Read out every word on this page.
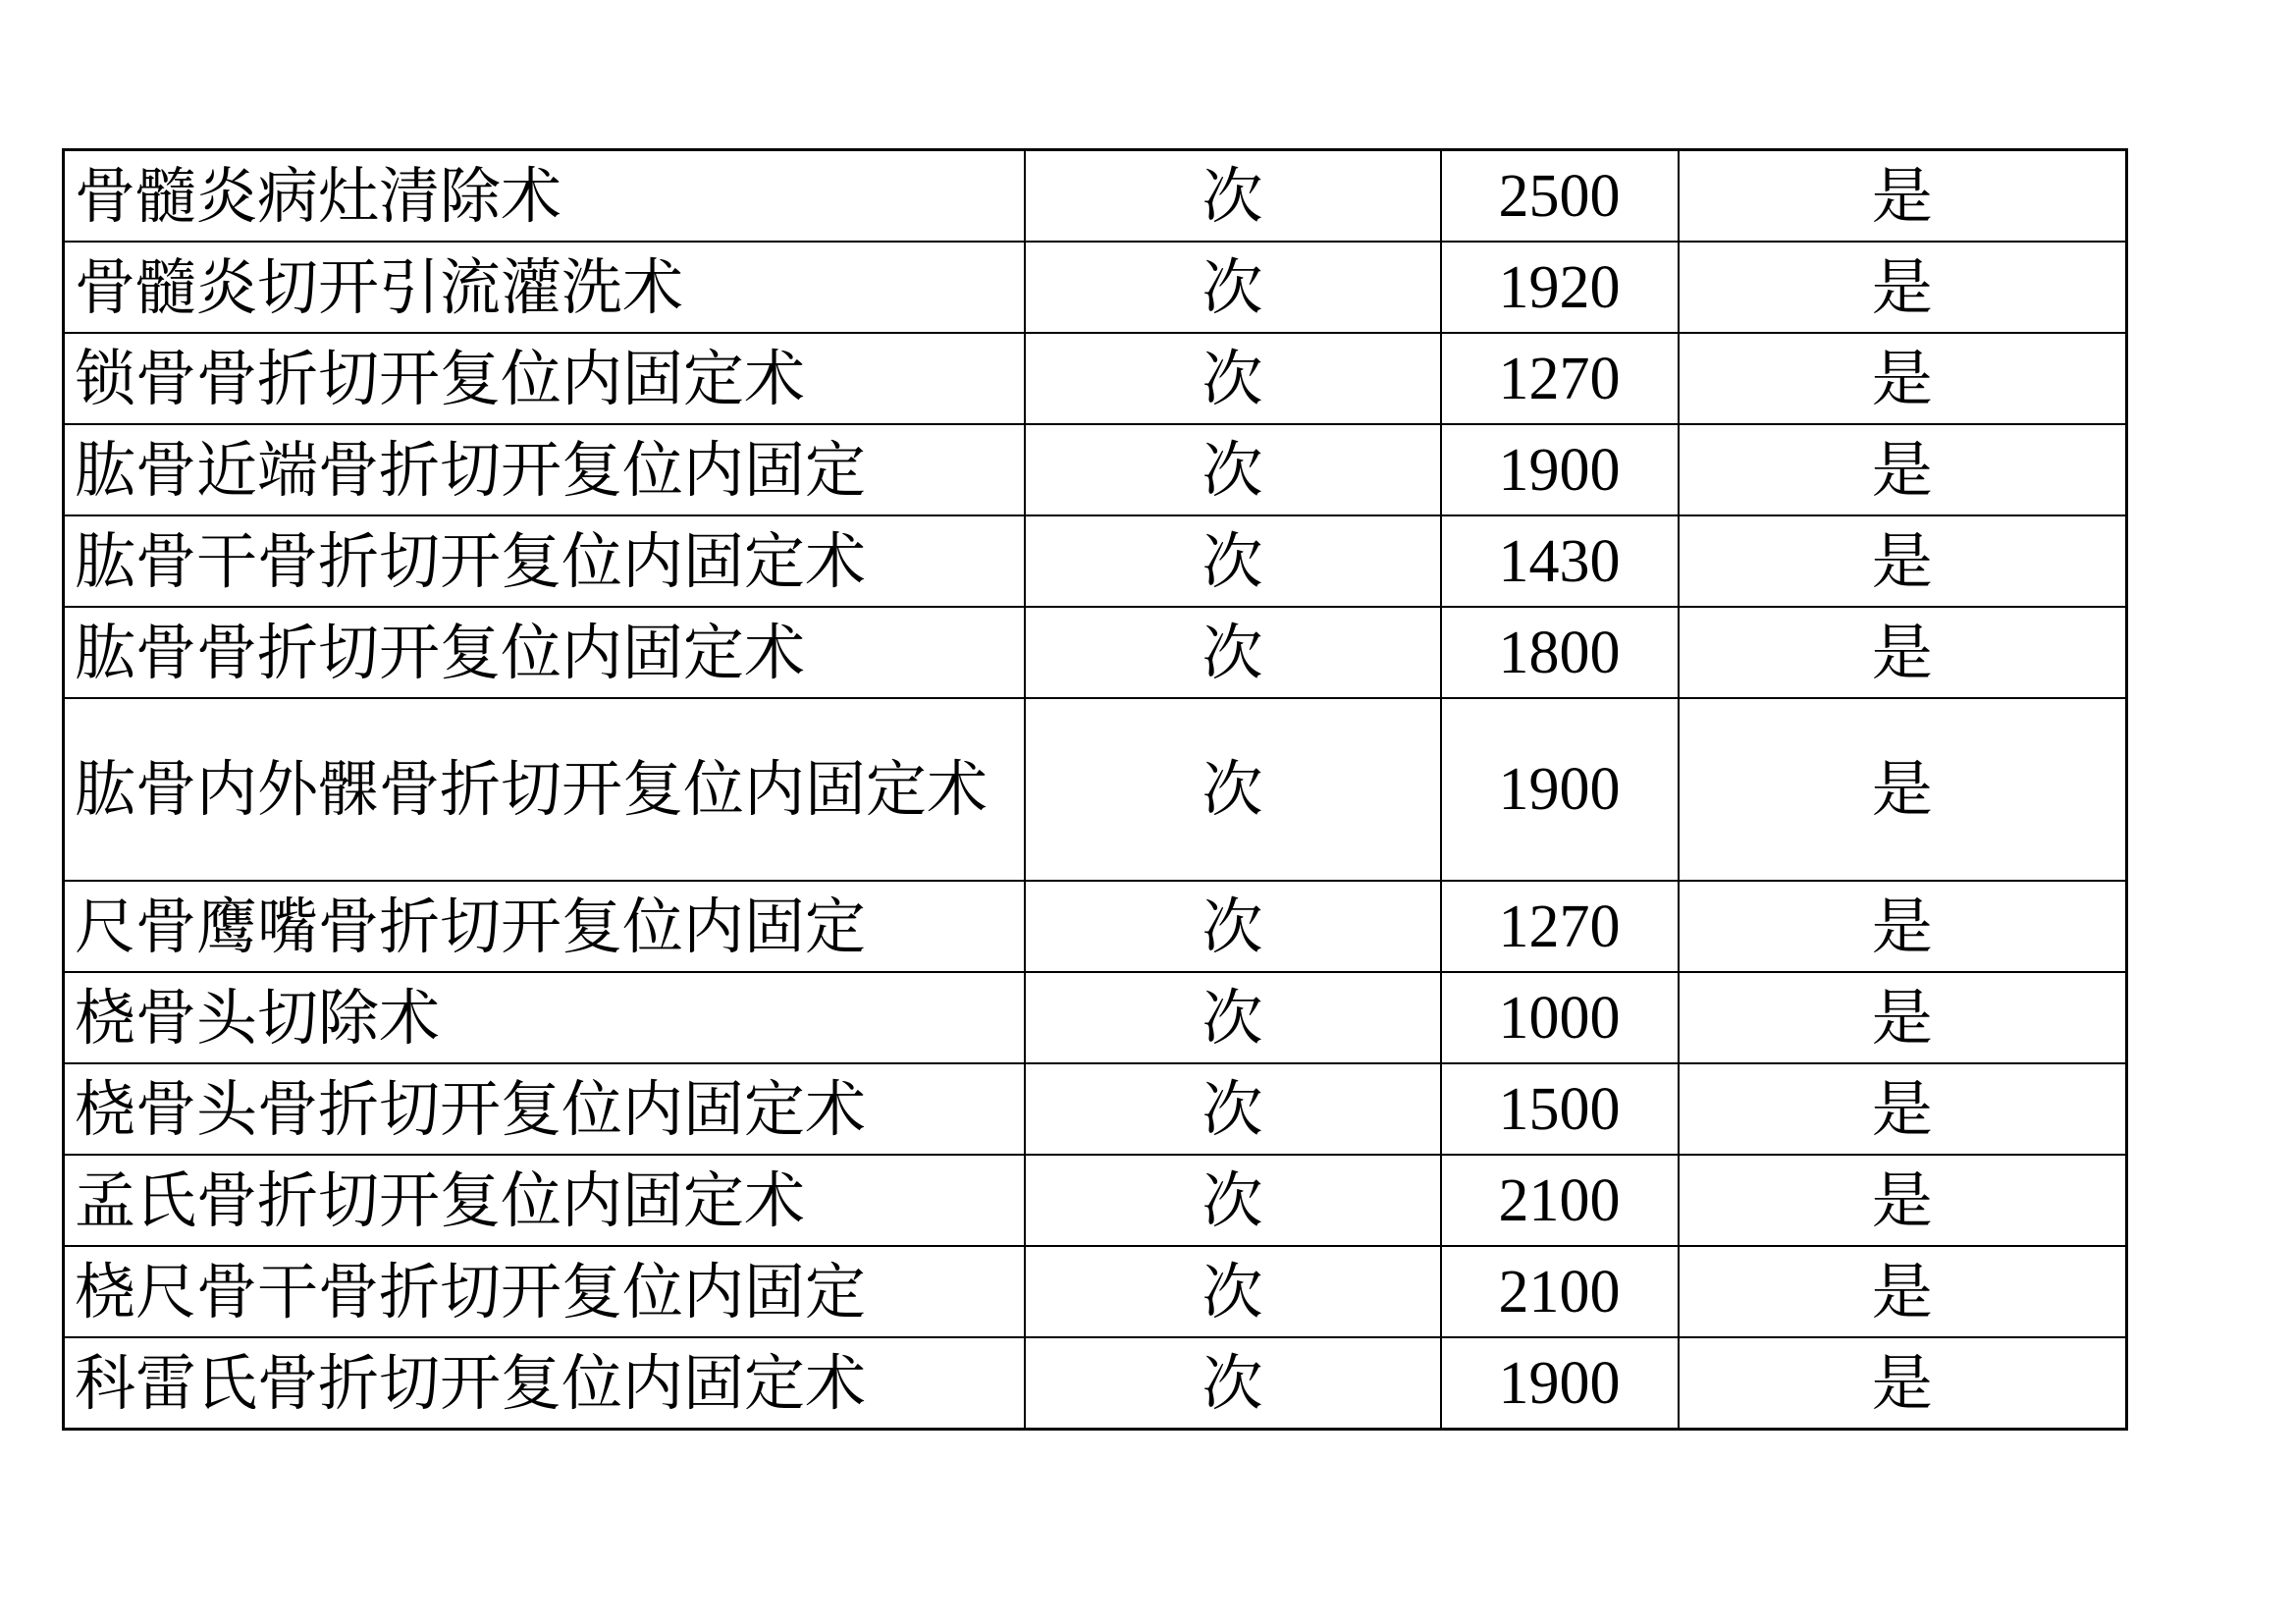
骨髓炎病灶清除术	次	2500	是
骨髓炎切开引流灌洗术	次	1920	是
锁骨骨折切开复位内固定术	次	1270	是
肱骨近端骨折切开复位内固定	次	1900	是
肱骨干骨折切开复位内固定术	次	1430	是
肱骨骨折切开复位内固定术	次	1800	是
肱骨内外髁骨折切开复位内固定术	次	1900	是
尺骨鹰嘴骨折切开复位内固定	次	1270	是
桡骨头切除术	次	1000	是
桡骨头骨折切开复位内固定术	次	1500	是
孟氏骨折切开复位内固定术	次	2100	是
桡尺骨干骨折切开复位内固定	次	2100	是
科雷氏骨折切开复位内固定术	次	1900	是
